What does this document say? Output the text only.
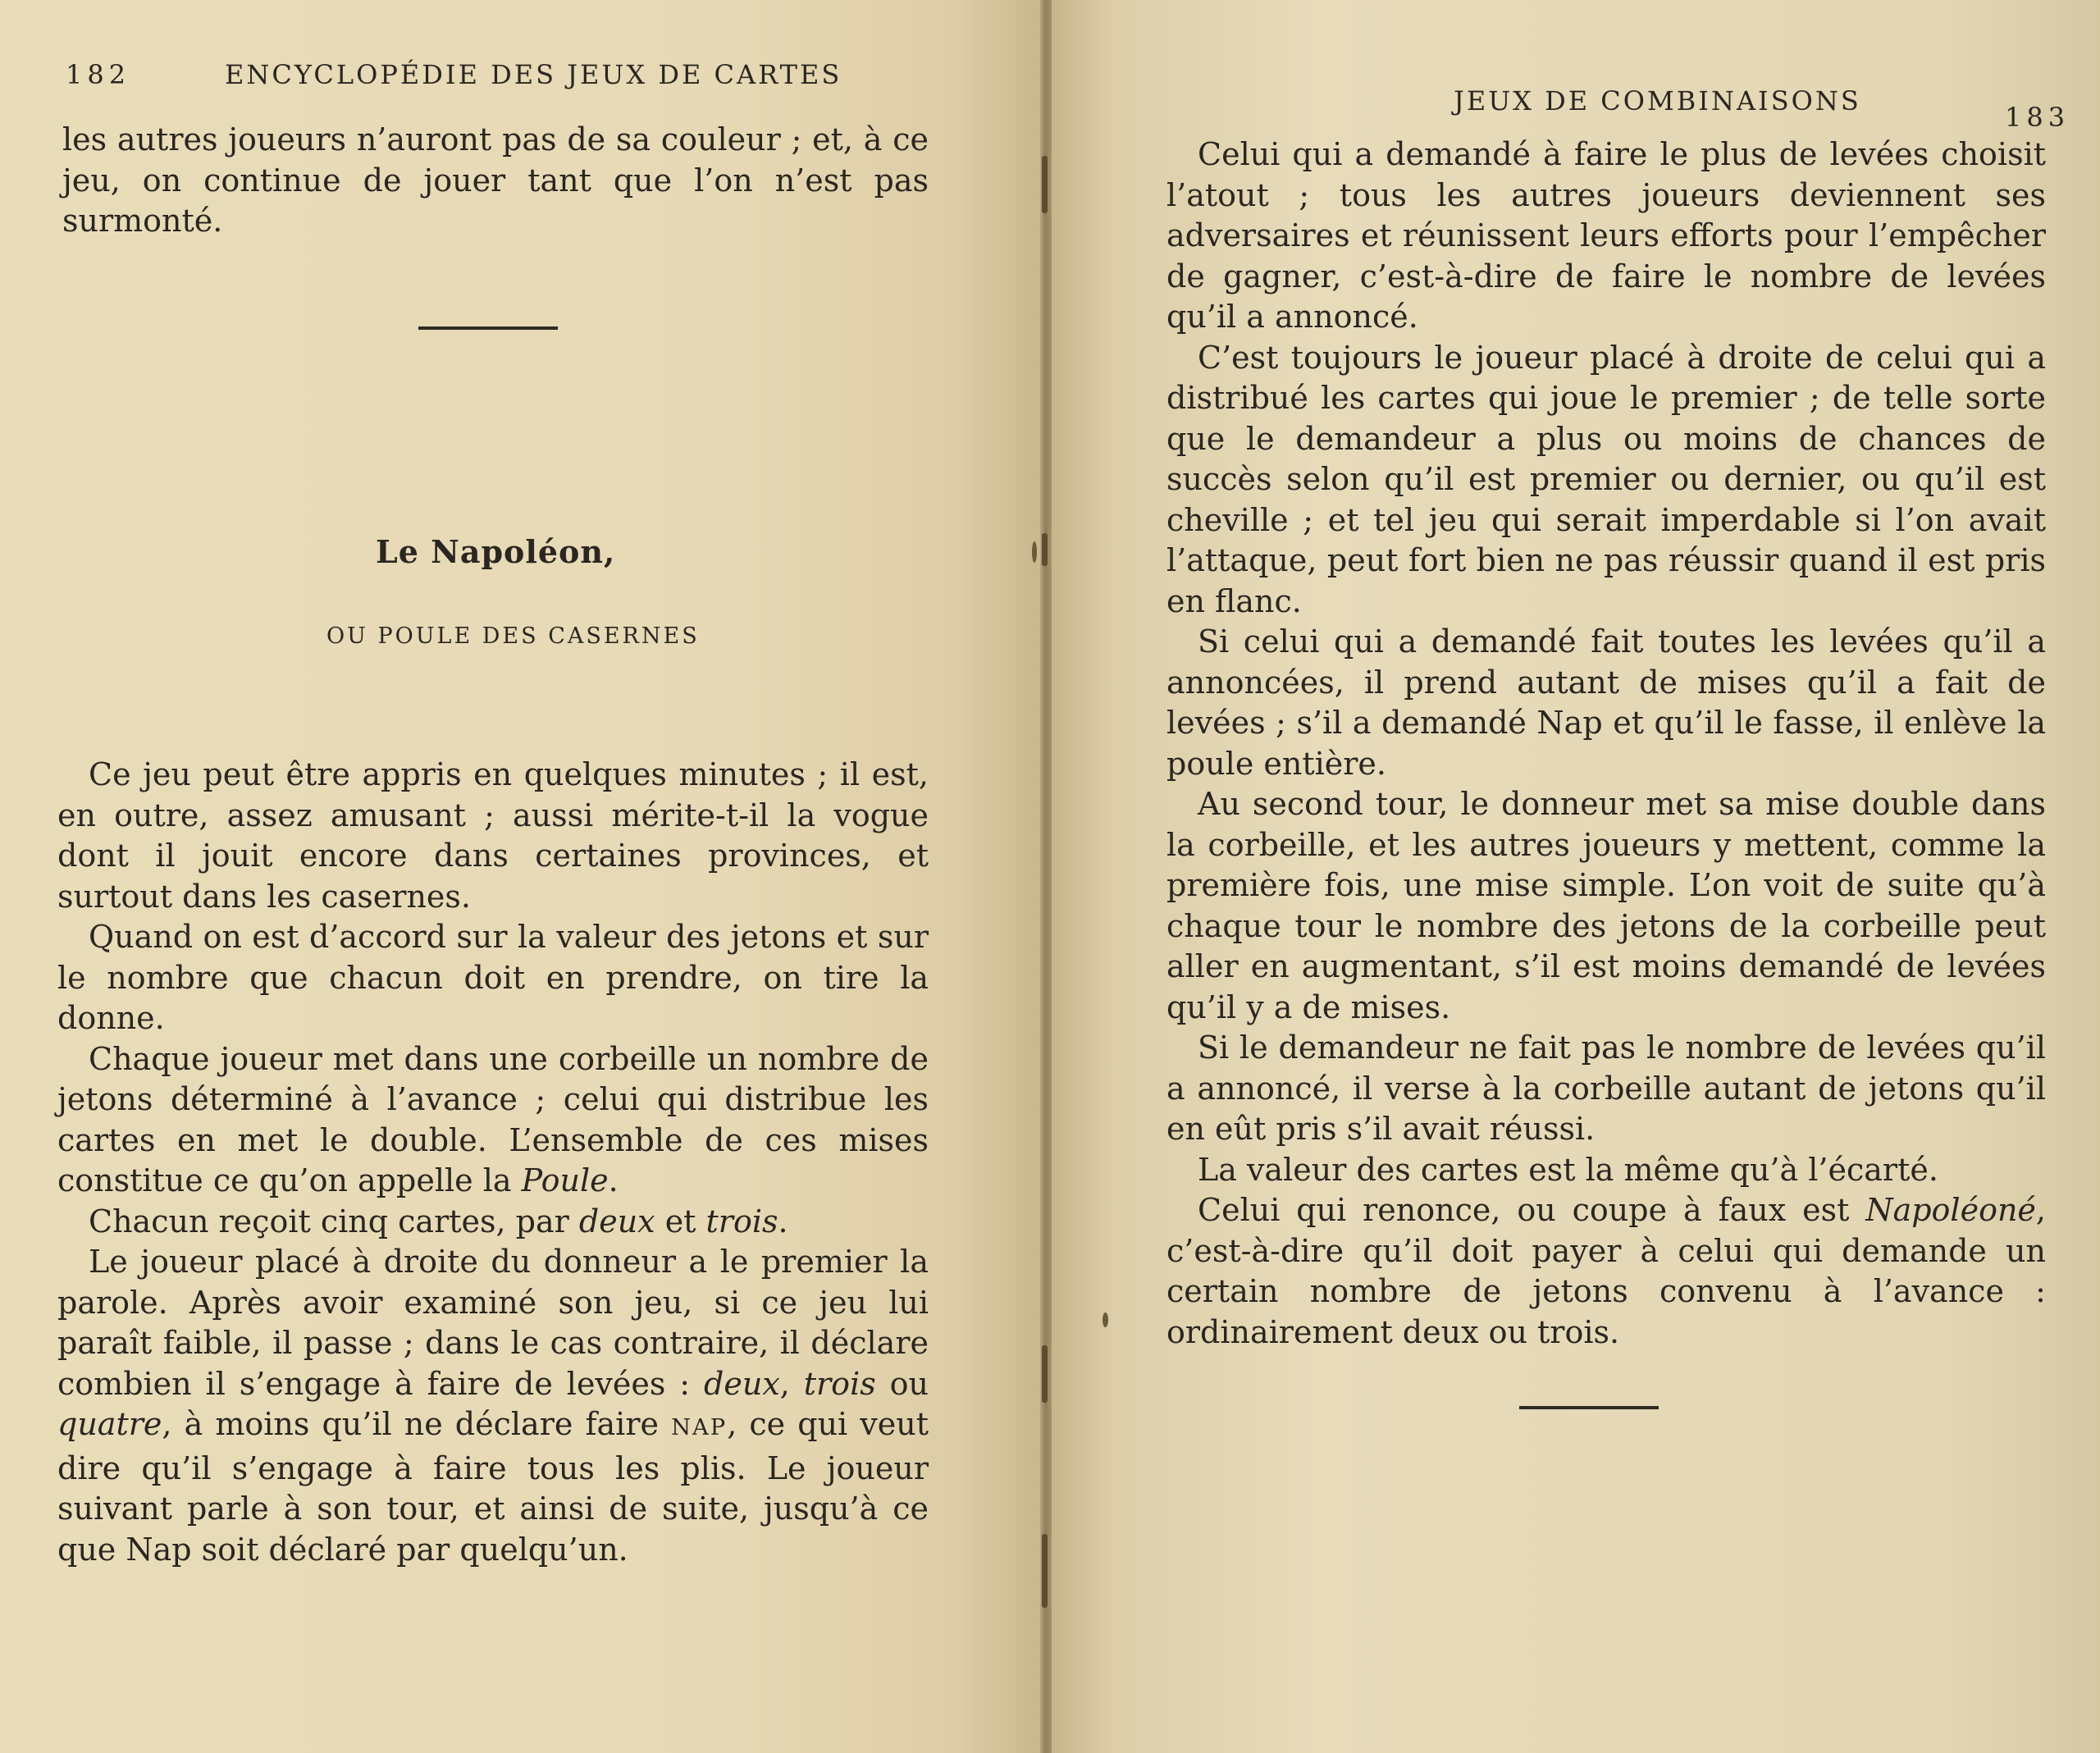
182	ENCYCLOPÉDIE DES JEUX DE CARTES

les autres joueurs n’auront pas de sa couleur ; et, à ce jeu, on continue de jouer tant que l’on n’est pas surmonté.

Le Napoléon,
OU POULE DES CASERNES

Ce jeu peut être appris en quelques minutes ; il est, en outre, assez amusant ; aussi mérite-t-il la vogue dont il jouit encore dans certaines provinces, et surtout dans les casernes.

Quand on est d’accord sur la valeur des jetons et sur le nombre que chacun doit en prendre, on tire la donne.

Chaque joueur met dans une corbeille un nombre de jetons déterminé à l’avance ; celui qui distribue les cartes en met le double. L’ensemble de ces mises constitue ce qu’on appelle la Poule.

Chacun reçoit cinq cartes, par deux et trois.

Le joueur placé à droite du donneur a le premier la parole. Après avoir examiné son jeu, si ce jeu lui paraît faible, il passe ; dans le cas contraire, il déclare combien il s’engage à faire de levées : deux, trois ou quatre, à moins qu’il ne déclare faire NAP, ce qui veut dire qu’il s’engage à faire tous les plis. Le joueur suivant parle à son tour, et ainsi de suite, jusqu’à ce que Nap soit déclaré par quelqu’un.

JEUX DE COMBINAISONS
183

Celui qui a demandé à faire le plus de levées choisit l’atout ; tous les autres joueurs deviennent ses adversaires et réunissent leurs efforts pour l’empêcher de gagner, c’est-à-dire de faire le nombre de levées qu’il a annoncé.

C’est toujours le joueur placé à droite de celui qui a distribué les cartes qui joue le premier ; de telle sorte que le demandeur a plus ou moins de chances de succès selon qu’il est premier ou dernier, ou qu’il est cheville ; et tel jeu qui serait imperdable si l’on avait l’attaque, peut fort bien ne pas réussir quand il est pris en flanc.

Si celui qui a demandé fait toutes les levées qu’il a annoncées, il prend autant de mises qu’il a fait de levées ; s’il a demandé Nap et qu’il le fasse, il enlève la poule entière.

Au second tour, le donneur met sa mise double dans la corbeille, et les autres joueurs y mettent, comme la première fois, une mise simple. L’on voit de suite qu’à chaque tour le nombre des jetons de la corbeille peut aller en augmentant, s’il est moins demandé de levées qu’il y a de mises.

Si le demandeur ne fait pas le nombre de levées qu’il a annoncé, il verse à la corbeille autant de jetons qu’il en eût pris s’il avait réussi.

La valeur des cartes est la même qu’à l’écarté.

Celui qui renonce, ou coupe à faux est Napoléoné, c’est-à-dire qu’il doit payer à celui qui demande un certain nombre de jetons convenu à l’avance : ordinairement deux ou trois.
